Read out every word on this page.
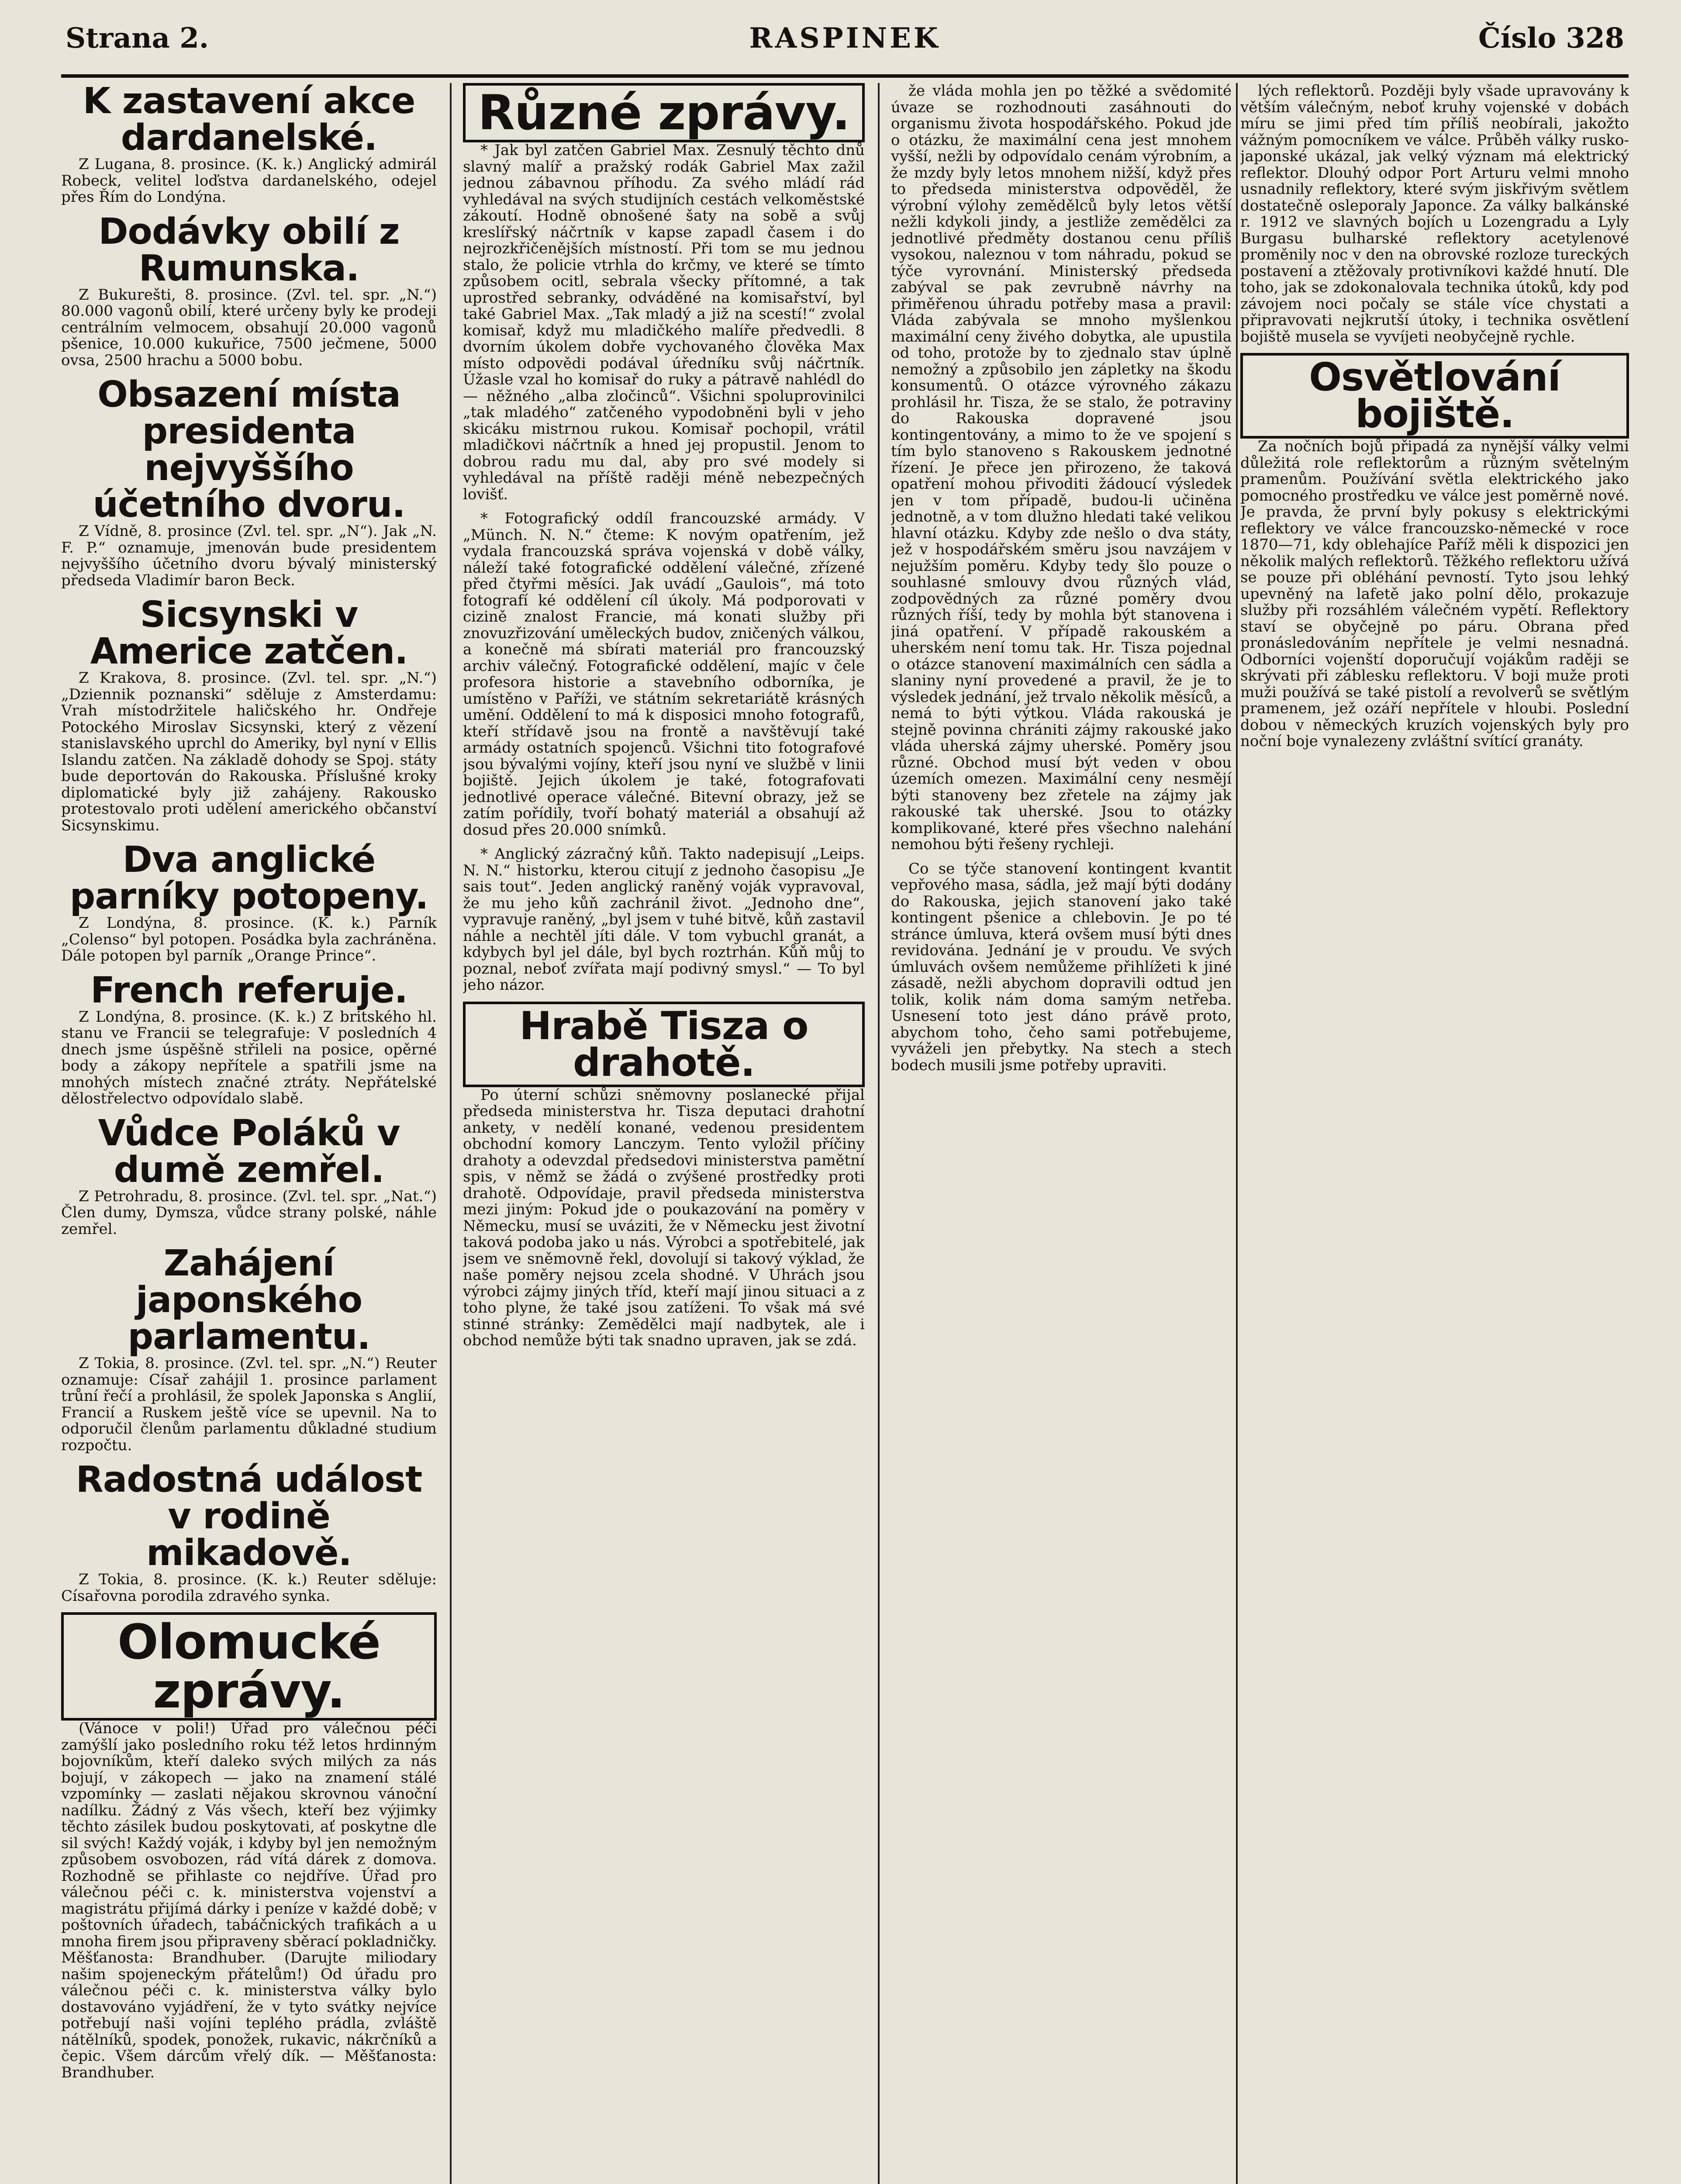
Strana 2.	RASPINEK	Číslo 328
K zastavení akce dardanelské.

Z Lugana, 8. prosince. (K. k.) Anglický admirál Robeck, velitel loďstva dardanelského, odejel přes Řím do Londýna.

Dodávky obilí z Rumunska.

Z Bukurešti, 8. prosince. (Zvl. tel. spr. „N.“) 80.000 vagonů obilí, které určeny byly ke prodeji centrálním velmocem, obsahují 20.000 vagonů pšenice, 10.000 kukuřice, 7500 ječmene, 5000 ovsa, 2500 hrachu a 5000 bobu.

Obsazení místa presidenta nejvyššího účetního dvoru.

Z Vídně, 8. prosince (Zvl. tel. spr. „N“). Jak „N. F. P.“ oznamuje, jmenován bude presidentem nejvyššího účetního dvoru bývalý ministerský předseda Vladimír baron Beck.

Sicsynski v Americe zatčen.

Z Krakova, 8. prosince. (Zvl. tel. spr. „N.“) „Dziennik poznanski“ sděluje z Amsterdamu: Vrah místodržitele haličského hr. Ondřeje Potockého Miroslav Sicsynski, který z vězení stanislavského uprchl do Ameriky, byl nyní v Ellis Islandu zatčen. Na základě dohody se Spoj. státy bude deportován do Rakouska. Příslušné kroky diplomatické byly již zahájeny. Rakousko protestovalo proti udělení amerického občanství Sicsynskimu.

Dva anglické parníky potopeny.

Z Londýna, 8. prosince. (K. k.) Parník „Colenso“ byl potopen. Posádka byla zachráněna. Dále potopen byl parník „Orange Prince“.

French referuje.

Z Londýna, 8. prosince. (K. k.) Z britského hl. stanu ve Francii se telegrafuje: V posledních 4 dnech jsme úspěšně střileli na posice, opěrné body a zákopy nepřítele a spatřili jsme na mnohých místech značné ztráty. Nepřátelské dělostřelectvo odpovídalo slabě.

Vůdce Poláků v dumě zemřel.

Z Petrohradu, 8. prosince. (Zvl. tel. spr. „Nat.“) Člen dumy, Dymsza, vůdce strany polské, náhle zemřel.

Zahájení japonského parlamentu.

Z Tokia, 8. prosince. (Zvl. tel. spr. „N.“) Reuter oznamuje: Císař zahájil 1. prosince parlament trůní řečí a prohlásil, že spolek Japonska s Anglií, Francií a Ruskem ještě více se upevnil. Na to odporučil členům parlamentu důkladné studium rozpočtu.

Radostná událost v rodině mikadově.

Z Tokia, 8. prosince. (K. k.) Reuter sděluje: Císařovna porodila zdravého synka.

Olomucké zprávy.

(Vánoce v poli!) Úřad pro válečnou péči zamýšlí jako posledního roku též letos hrdinným bojovníkům, kteří daleko svých milých za nás bojují, v zákopech — jako na znamení stálé vzpomínky — zaslati nějakou skrovnou vánoční nadílku. Žádný z Vás všech, kteří bez výjimky těchto zásilek budou poskytovati, ať poskytne dle sil svých! Každý voják, i kdyby byl jen nemožným způsobem osvobozen, rád vítá dárek z domova. Rozhodně se přihlaste co nejdříve. Úřad pro válečnou péči c. k. ministerstva vojenství a magistrátu přijímá dárky i peníze v každé době; v poštovních úřadech, tabáčnických trafikách a u mnoha firem jsou připraveny sběrací pokladničky. Měšťanosta: Brandhuber. (Darujte miliodary našim spojeneckým přátelům!) Od úřadu pro válečnou péči c. k. ministerstva války bylo dostavováno vyjádření, že v tyto svátky nejvíce potřebují naši vojíni teplého prádla, zvláště nátělníků, spodek, ponožek, rukavic, nákrčníků a čepic. Všem dárcům vřelý dík. — Měšťanosta: Brandhuber.

Různé zprávy.

* Jak byl zatčen Gabriel Max. Zesnulý těchto dnů slavný malíř a pražský rodák Gabriel Max zažil jednou zábavnou příhodu. Za svého mládí rád vyhledával na svých studijních cestách velkoměstské zákoutí. Hodně obnošené šaty na sobě a svůj kreslířský náčrtník v kapse zapadl časem i do nejrozkřičenějších místností. Při tom se mu jednou stalo, že policie vtrhla do krčmy, ve které se tímto způsobem ocitl, sebrala všecky přítomné, a tak uprostřed sebranky, odváděné na komisařství, byl také Gabriel Max. „Tak mladý a již na scestí!“ zvolal komisař, když mu mladičkého malíře předvedli. 8 dvorním úkolem dobře vychovaného člověka Max místo odpovědi podával úředníku svůj náčrtník. Úžasle vzal ho komisař do ruky a pátravě nahlédl do — něžného „alba zločinců“. Všichni spoluprovinilci „tak mladého“ zatčeného vypodobněni byli v jeho skicáku mistrnou rukou. Komisař pochopil, vrátil mladičkovi náčrtník a hned jej propustil. Jenom to dobrou radu mu dal, aby pro své modely si vyhledával na příště raději méně nebezpečných lovišť.

* Fotografický oddíl francouzské armády. V „Münch. N. N.“ čteme: K novým opatřením, jež vydala francouzská správa vojenská v době války, náleží také fotografické oddělení válečné, zřízené před čtyřmi měsíci. Jak uvádí „Gaulois“, má toto fotografí ké oddělení cíl úkoly. Má podporovati v cizině znalost Francie, má konati služby při znovuzřizování uměleckých budov, zničených válkou, a konečně má sbírati materiál pro francouzský archiv válečný. Fotografické oddělení, majíc v čele profesora historie a stavebního odborníka, je umístěno v Paříži, ve státním sekretariátě krásných umění. Oddělení to má k disposici mnoho fotografů, kteří střídavě jsou na frontě a navštěvují také armády ostatních spojenců. Všichni tito fotografové jsou bývalými vojíny, kteří jsou nyní ve službě v linii bojiště. Jejich úkolem je také, fotografovati jednotlivé operace válečné. Bitevní obrazy, jež se zatím pořídily, tvoří bohatý materiál a obsahují až dosud přes 20.000 snímků.

* Anglický zázračný kůň. Takto nadepisují „Leips. N. N.“ historku, kterou citují z jednoho časopisu „Je sais tout“. Jeden anglický raněný voják vypravoval, že mu jeho kůň zachránil život. „Jednoho dne“, vypravuje raněný, „byl jsem v tuhé bitvě, kůň zastavil náhle a nechtěl jíti dále. V tom vybuchl granát, a kdybych byl jel dále, byl bych roztrhán. Kůň můj to poznal, neboť zvířata mají podivný smysl.“ — To byl jeho názor.

Hrabě Tisza o drahotě.

Po úterní schůzi sněmovny poslanecké přijal předseda ministerstva hr. Tisza deputaci drahotní ankety, v nedělí konané, vedenou presidentem obchodní komory Lanczym. Tento vyložil příčiny drahoty a odevzdal předsedovi ministerstva pamětní spis, v němž se žádá o zvýšené prostředky proti drahotě. Odpovídaje, pravil předseda ministerstva mezi jiným: Pokud jde o poukazování na poměry v Německu, musí se uváziti, že v Německu jest životní taková podoba jako u nás. Výrobci a spotřebitelé, jak jsem ve sněmovně řekl, dovolují si takový výklad, že naše poměry nejsou zcela shodné. V Uhrách jsou výrobci zájmy jiných tříd, kteří mají jinou situaci a z toho plyne, že také jsou zatíženi. To však má své stinné stránky: Zemědělci mají nadbytek, ale i obchod nemůže býti tak snadno upraven, jak se zdá.

že vláda mohla jen po těžké a svědomité úvaze se rozhodnouti zasáhnouti do organismu života hospodářského. Pokud jde o otázku, že maximální cena jest mnohem vyšší, nežli by odpovídalo cenám výrobním, a že mzdy byly letos mnohem nižší, když přes to předseda ministerstva odpověděl, že výrobní výlohy zemědělců byly letos větší nežli kdykoli jindy, a jestliže zemědělci za jednotlivé předměty dostanou cenu příliš vysokou, naleznou v tom náhradu, pokud se týče vyrovnání. Ministerský předseda zabýval se pak zevrubně návrhy na přiměřenou úhradu potřeby masa a pravil: Vláda zabývala se mnoho myšlenkou maximální ceny živého dobytka, ale upustila od toho, protože by to zjednalo stav úplně nemožný a způsobilo jen zápletky na škodu konsumentů. O otázce výrovného zákazu prohlásil hr. Tisza, že se stalo, že potraviny do Rakouska dopravené jsou kontingentovány, a mimo to že ve spojení s tím bylo stanoveno s Rakouskem jednotné řízení. Je přece jen přirozeno, že taková opatření mohou přivoditi žádoucí výsledek jen v tom případě, budou-li učiněna jednotně, a v tom dlužno hledati také velikou hlavní otázku. Kdyby zde nešlo o dva státy, jež v hospodářském směru jsou navzájem v nejužším poměru. Kdyby tedy šlo pouze o souhlasné smlouvy dvou různých vlád, zodpovědných za různé poměry dvou různých říší, tedy by mohla být stanovena i jiná opatření. V případě rakouském a uherském není tomu tak. Hr. Tisza pojednal o otázce stanovení maximálních cen sádla a slaniny nyní provedené a pravil, že je to výsledek jednání, jež trvalo několik měsíců, a nemá to býti výtkou. Vláda rakouská je stejně povinna chrániti zájmy rakouské jako vláda uherská zájmy uherské. Poměry jsou různé. Obchod musí být veden v obou územích omezen. Maximální ceny nesmějí býti stanoveny bez zřetele na zájmy jak rakouské tak uherské. Jsou to otázky komplikované, které přes všechno nalehání nemohou býti řešeny rychleji.

Co se týče stanovení kontingent kvantit vepřového masa, sádla, jež mají býti dodány do Rakouska, jejich stanovení jako také kontingent pšenice a chlebovin. Je po té stránce úmluva, která ovšem musí býti dnes revidována. Jednání je v proudu. Ve svých úmluvách ovšem nemůžeme přihlížeti k jiné zásadě, nežli abychom dopravili odtud jen tolik, kolik nám doma samým netřeba. Usnesení toto jest dáno právě proto, abychom toho, čeho sami potřebujeme, vyváželi jen přebytky. Na stech a stech bodech musili jsme potřeby upraviti.

lých reflektorů. Později byly všade upravovány k větším válečným, neboť kruhy vojenské v dobách míru se jimi před tím příliš neobírali, jakožto vážným pomocníkem ve válce. Průběh války rusko-japonské ukázal, jak velký význam má elektrický reflektor. Dlouhý odpor Port Arturu velmi mnoho usnadnily reflektory, které svým jiskřivým světlem dostatečně osleporaly Japonce. Za války balkánské r. 1912 ve slavných bojích u Lozengradu a Lyly Burgasu bulharské reflektory acetylenové proměnily noc v den na obrovské rozloze tureckých postavení a ztěžovaly protivníkovi každé hnutí. Dle toho, jak se zdokonalovala technika útoků, kdy pod závojem noci počaly se stále více chystati a připravovati nejkrutší útoky, i technika osvětlení bojiště musela se vyvíjeti neobyčejně rychle.

Osvětlování bojiště.

Za nočních bojů připadá za nynější války velmi důležitá role reflektorům a různým světelným pramenům. Používání světla elektrického jako pomocného prostředku ve válce jest poměrně nové. Je pravda, že první byly pokusy s elektrickými reflektory ve válce francouzsko-německé v roce 1870—71, kdy oblehajíce Paříž měli k dispozici jen několik malých reflektorů. Těžkého reflektoru užívá se pouze při obléhání pevností. Tyto jsou lehký upevněný na lafetě jako polní dělo, prokazuje služby při rozsáhlém válečném vypětí. Reflektory staví se obyčejně po páru. Obrana před pronásledováním nepřítele je velmi nesnadná. Odborníci vojenští doporučují vojákům raději se skrývati při záblesku reflektoru. V boji muže proti muži používá se také pistolí a revolverů se světlým pramenem, jež ozáří nepřítele v hloubi. Poslední dobou v německých kruzích vojenských byly pro noční boje vynalezeny zvláštní svítící granáty.
